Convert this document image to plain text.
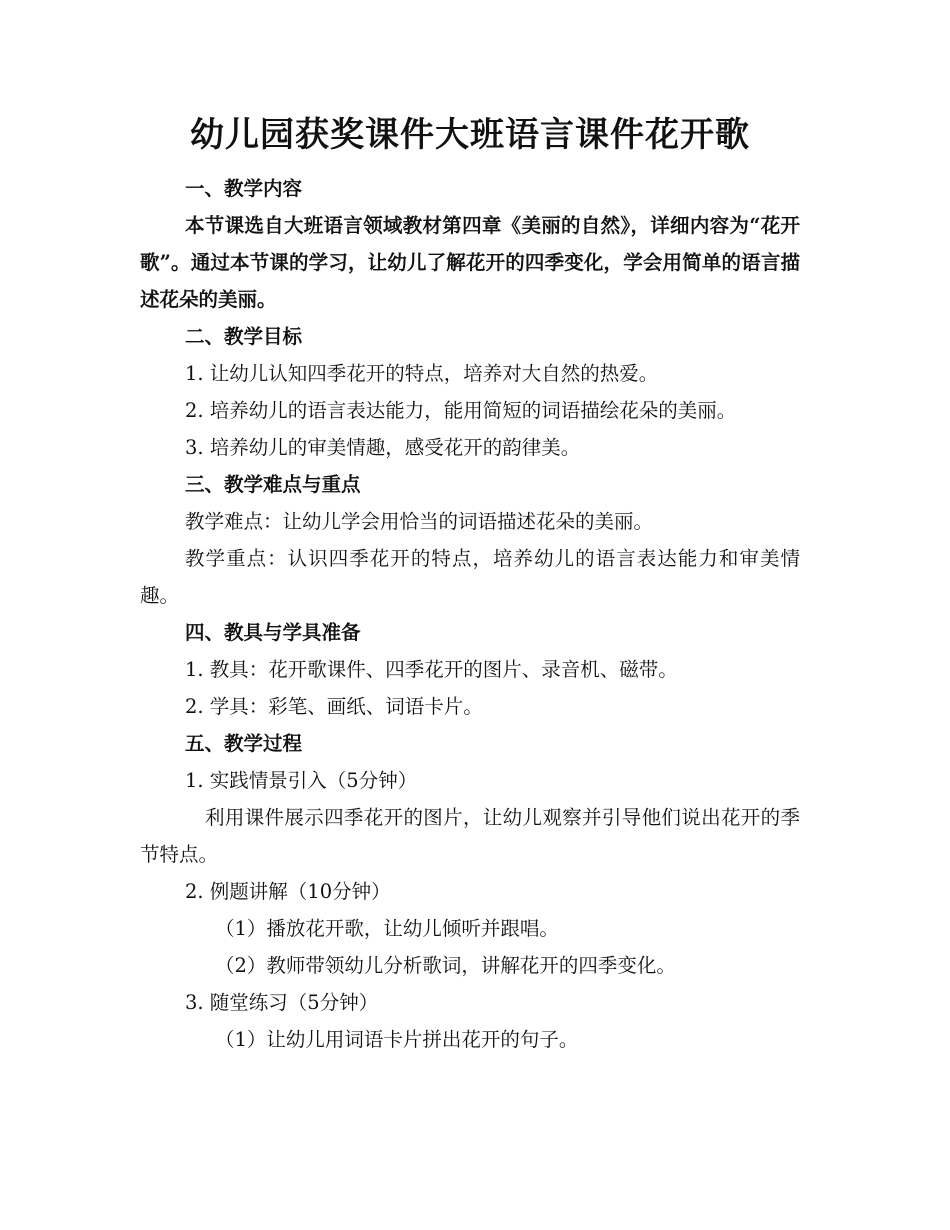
幼儿园获奖课件大班语言课件花开歌

一、教学内容

本节课选自大班语言领域教材第四章《美丽的自然》，详细内容为“花开歌”。通过本节课的学习，让幼儿了解花开的四季变化，学会用简单的语言描述花朵的美丽。

二、教学目标

1. 让幼儿认知四季花开的特点，培养对大自然的热爱。

2. 培养幼儿的语言表达能力，能用简短的词语描绘花朵的美丽。

3. 培养幼儿的审美情趣，感受花开的韵律美。

三、教学难点与重点

教学难点：让幼儿学会用恰当的词语描述花朵的美丽。

教学重点：认识四季花开的特点，培养幼儿的语言表达能力和审美情趣。

四、教具与学具准备

1. 教具：花开歌课件、四季花开的图片、录音机、磁带。

2. 学具：彩笔、画纸、词语卡片。

五、教学过程

1. 实践情景引入（5分钟）

利用课件展示四季花开的图片，让幼儿观察并引导他们说出花开的季节特点。

2. 例题讲解（10分钟）

（1）播放花开歌，让幼儿倾听并跟唱。

（2）教师带领幼儿分析歌词，讲解花开的四季变化。

3. 随堂练习（5分钟）

（1）让幼儿用词语卡片拼出花开的句子。
